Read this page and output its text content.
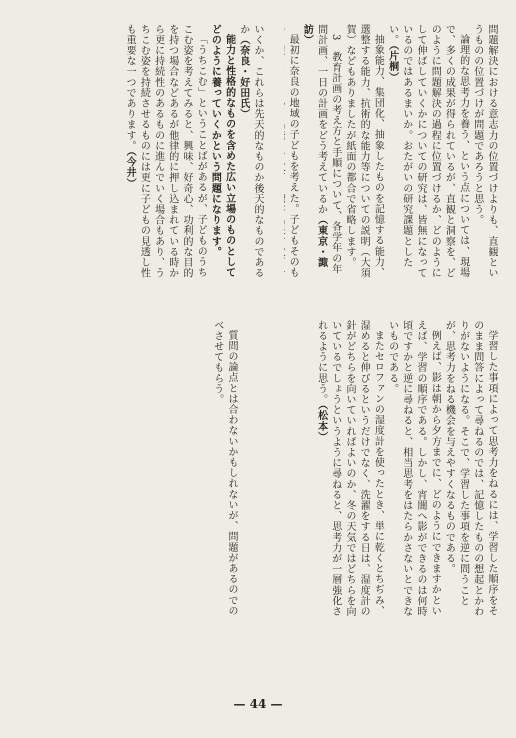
問題解決における意志力の位置づけよりも、直観というものの位置づけが問題であろうと思う。

論理的な思考力を養う、という点については、現場で、多くの成果が得られているが、直観と洞察を、どのように問題解決の過程に位置づけるか、どのようにして伸ばしていくかについての研究は、皆無になっているのではあるまいか。おたがいの研究課題としたい。（片桐）

抽象能力、集団化、抽象したものを記憶する能力、選整する能力、抗術的な能力等についての説明（大須賀）などもありましたが紙面の都合で省略します。

3　教育計画の考え方と手順について、各学年の年間計画、一日の計画をどう考えているか（東京・諏訪）

最初に奈良の地域の子どもを考えた。子どもそのも

いくか、これらは先天的なものか後天的なものであるか（奈良・好田氏）

能力と性格的なものを含めた広い立場のものとしてどのように養っていくかという問題になります。

「うちこむ」ということばがあるが、子どものうちこむ姿を考えてみると、興味、好奇心、功利的な目的を持つ場合などあるが他律的に押し込まれている時から更に持続性のあるものに進んでいく場合もあり、うちこむ姿を持続させるものには更に子どもの見透し性も重要な一つであります。（今井）

学習した事項によって思考力をねるには、学習した順序をそのまま問答によって尋ねるのでは、記憶したものの想起とかわりがないようになる。そこで、学習した事項を逆に問うことが、思考力をねる機会を与えやすくなるものである。

例えば、影は朝から夕方までに、どのようにできますかといえば、学習の順序である。しかし、宵闇へ影ができるのは何時頃ですかと逆に尋ねると、相当思考をはたらかさないとできないものである。

またセロファンの湿度計を使ったとき、単に乾くとちぢみ、湿めると伸びるというだけでなく、洗濯をする日は、湿度計の針がどちらを向いていればよいのか、冬の天気ではどちらを向いているでしょうというように尋ねると、思考力が一層強化されるように思う。（松本）

質問の論点とは合わないかもしれないが、問題があるのでのべさせてもらう。

— 44 —
